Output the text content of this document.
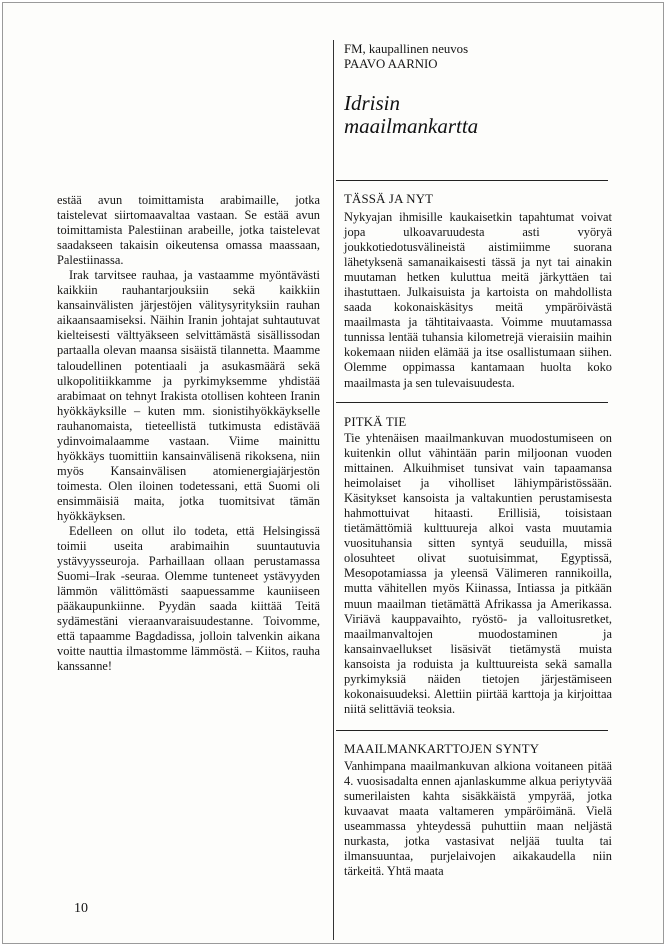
FM, kaupallinen neuvos
PAAVO AARNIO
Idrisin
maailmankartta

estää avun toimittamista arabimaille, jotka taistelevat siirtomaavaltaa vastaan. Se estää avun toimittamista Palestiinan arabeille, jotka taistelevat saadakseen takaisin oikeutensa omassa maassaan, Palestiinassa.

Irak tarvitsee rauhaa, ja vastaamme myöntävästi kaikkiin rauhantarjouksiin sekä kaikkiin kansainvälisten järjestöjen välitysyrityksiin rauhan aikaansaamiseksi. Näihin Iranin johtajat suhtautuvat kielteisesti välttyäkseen selvittämästä sisällissodan partaalla olevan maansa sisäistä tilannetta. Maamme taloudellinen potentiaali ja asukasmäärä sekä ulkopolitiikkamme ja pyrkimyksemme yhdistää arabimaat on tehnyt Irakista otollisen kohteen Iranin hyökkäyksille – kuten mm. sionistihyökkäykselle rauhanomaista, tieteellistä tutkimusta edistävää ydinvoimalaamme vastaan. Viime mainittu hyökkäys tuomittiin kansainvälisenä rikoksena, niin myös Kansainvälisen atomienergiajärjestön toimesta. Olen iloinen todetessani, että Suomi oli ensimmäisiä maita, jotka tuomitsivat tämän hyökkäyksen.

Edelleen on ollut ilo todeta, että Helsingissä toimii useita arabimaihin suuntautuvia ystävyysseuroja. Parhaillaan ollaan perustamassa Suomi–Irak -seuraa. Olemme tunteneet ystävyyden lämmön välittömästi saapuessamme kauniiseen pääkaupunkiinne. Pyydän saada kiittää Teitä sydämestäni vieraanvaraisuudestanne. Toivomme, että tapaamme Bagdadissa, jolloin talvenkin aikana voitte nauttia ilmastomme lämmöstä. – Kiitos, rauha kanssanne!

TÄSSÄ JA NYT

Nykyajan ihmisille kaukaisetkin tapahtumat voivat jopa ulkoavaruudesta asti vyöryä joukkotiedotusvälineistä aistimiimme suorana lähetyksenä samanaikaisesti tässä ja nyt tai ainakin muutaman hetken kuluttua meitä järkyttäen tai ihastuttaen. Julkaisuista ja kartoista on mahdollista saada kokonaiskäsitys meitä ympäröivästä maailmasta ja tähtitaivaasta. Voimme muutamassa tunnissa lentää tuhansia kilometrejä vieraisiin maihin kokemaan niiden elämää ja itse osallistumaan siihen. Olemme oppimassa kantamaan huolta koko maailmasta ja sen tulevaisuudesta.

PITKÄ TIE

Tie yhtenäisen maailmankuvan muodostumiseen on kuitenkin ollut vähintään parin miljoonan vuoden mittainen. Alkuihmiset tunsivat vain tapaamansa heimolaiset ja viholliset lähiympäristössään. Käsitykset kansoista ja valtakuntien perustamisesta hahmottuivat hitaasti. Erillisiä, toisistaan tietämättömiä kulttuureja alkoi vasta muutamia vuosituhansia sitten syntyä seuduilla, missä olosuhteet olivat suotuisimmat, Egyptissä, Mesopotamiassa ja yleensä Välimeren rannikoilla, mutta vähitellen myös Kiinassa, Intiassa ja pitkään muun maailman tietämättä Afrikassa ja Amerikassa. Viriävä kauppavaihto, ryöstö- ja valloitusretket, maailmanvaltojen muodostaminen ja kansainvaellukset lisäsivät tietämystä muista kansoista ja roduista ja kulttuureista sekä samalla pyrkimyksiä näiden tietojen järjestämiseen kokonaisuudeksi. Alettiin piirtää karttoja ja kirjoittaa niitä selittäviä teoksia.

MAAILMANKARTTOJEN SYNTY

Vanhimpana maailmankuvan alkiona voitaneen pitää 4. vuosisadalta ennen ajanlaskumme alkua periytyvää sumerilaisten kahta sisäkkäistä ympyrää, jotka kuvaavat maata valtameren ympäröimänä. Vielä useammassa yhteydessä puhuttiin maan neljästä nurkasta, jotka vastasivat neljää tuulta tai ilmansuuntaa, purjelaivojen aikakaudella niin tärkeitä. Yhtä maata

10
